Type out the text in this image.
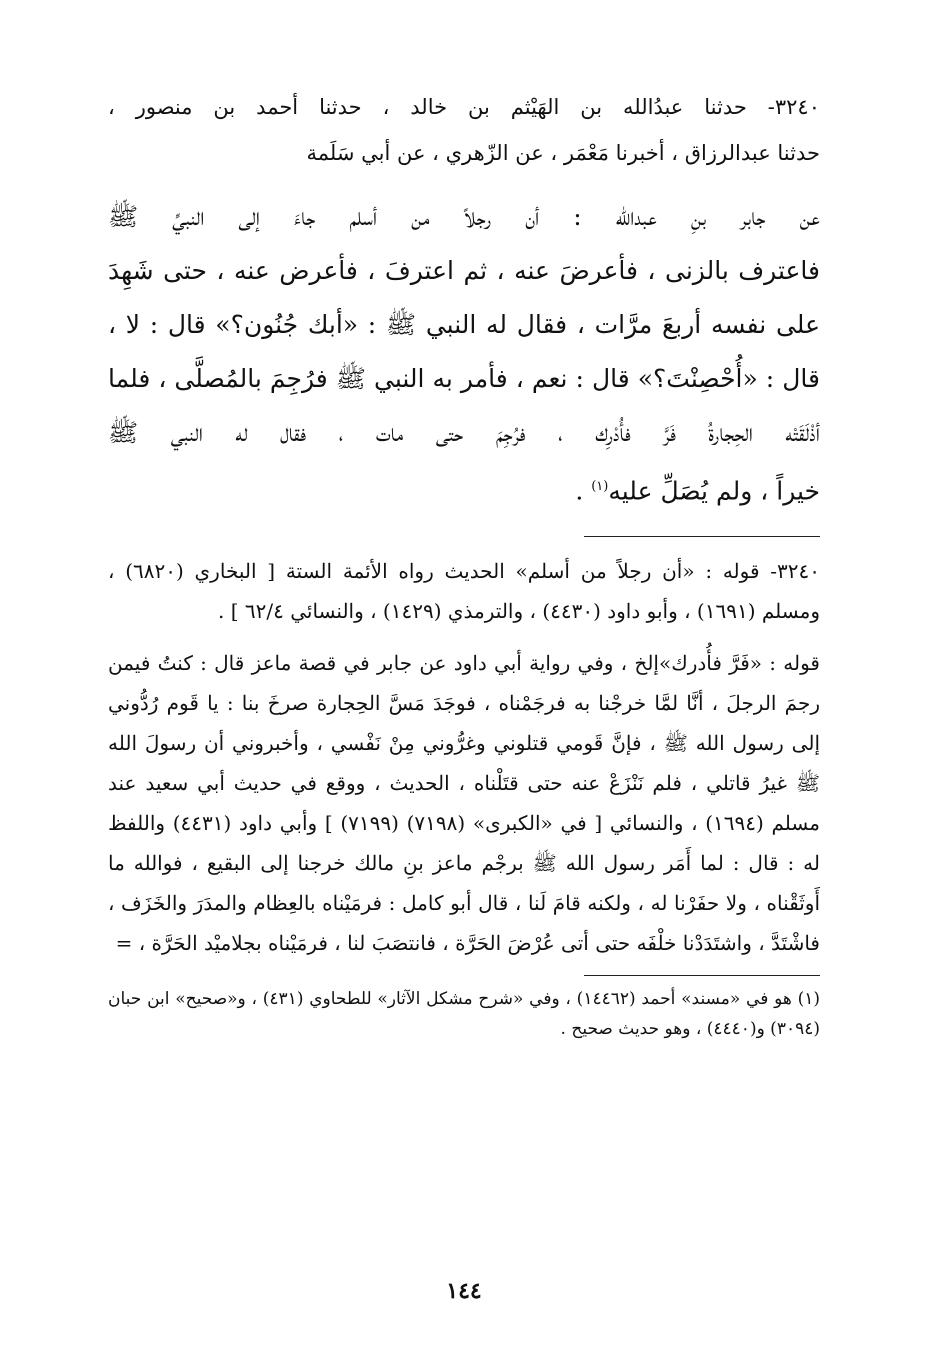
٣٢٤٠- حدثنا عبدُالله بن الهَيْثم بن خالد ، حدثنا أحمد بن منصور ،
حدثنا عبدالرزاق ، أخبرنا مَعْمَر ، عن الزّهري ، عن أبي سَلَمة
عن جابر بنِ عبدالله : أن رجلاً من أسلم جاءَ إلى النبيِّ ﷺ
فاعترف بالزنى ، فأعرضَ عنه ، ثم اعترفَ ، فأعرض عنه ، حتى شَهِدَ
على نفسه أربعَ مرَّات ، فقال له النبي ﷺ : «أبك جُنُون؟» قال : لا ،
قال : «أُحْصِنْتَ؟» قال : نعم ، فأمر به النبي ﷺ فرُجِمَ بالمُصلَّى ، فلما
أذْلَقَتْه الحِجارةُ فَرَّ فأُدْرِك ، فرُجِمَ حتى مات ، فقال له النبي ﷺ
خيراً ، ولم يُصَلِّ عليه$^{(١)}$ .

٣٢٤٠- قوله : «أن رجلاً من أسلم» الحديث رواه الأئمة الستة [ البخاري (٦٨٢٠) ، ومسلم (١٦٩١) ، وأبو داود (٤٤٣٠) ، والترمذي (١٤٢٩) ، والنسائي ٦٢/٤ ] .

قوله : «فَرَّ فأُدرك»إلخ ، وفي رواية أبي داود عن جابر في قصة ماعز قال : كنتُ فيمن رجمَ الرجلَ ، أنَّا لمَّا خرجْنا به فرجَمْناه ، فوجَدَ مَسَّ الحِجارة صرخَ بنا : يا قَوم رُدُّوني إلى رسول الله ﷺ ، فإنَّ قَومي قتلوني وغرُّوني مِنْ نَفْسي ، وأخبروني أن رسولَ الله ﷺ غيرُ قاتلي ، فلم نَنْزَعْ عنه حتى قتَلْناه ، الحديث ، ووقع في حديث أبي سعيد عند مسلم (١٦٩٤) ، والنسائي [ في «الكبرى» (٧١٩٨) (٧١٩٩) ] وأبي داود (٤٤٣١) واللفظ له : قال : لما أَمَر رسول الله ﷺ برجْم ماعز بنِ مالك خرجنا إلى البقيع ، فوالله ما أَوثَقْناه ، ولا حفَرْنا له ، ولكنه قامَ لَنا ، قال أبو كامل : فرمَيْناه بالعِظام والمدَرَ والخَزَف ، فاشْتَدَّ ، واشتَدَدْنا خلْفَه حتى أتى عُرْضَ الحَرَّة ، فانتصَبَ لنا ، فرمَيْناه بجلاميْد الحَرَّة ، =

(١) هو في «مسند» أحمد (١٤٤٦٢) ، وفي «شرح مشكل الآثار» للطحاوي (٤٣١) ، و«صحيح» ابن حبان (٣٠٩٤) و(٤٤٤٠) ، وهو حديث صحيح .
١٤٤
